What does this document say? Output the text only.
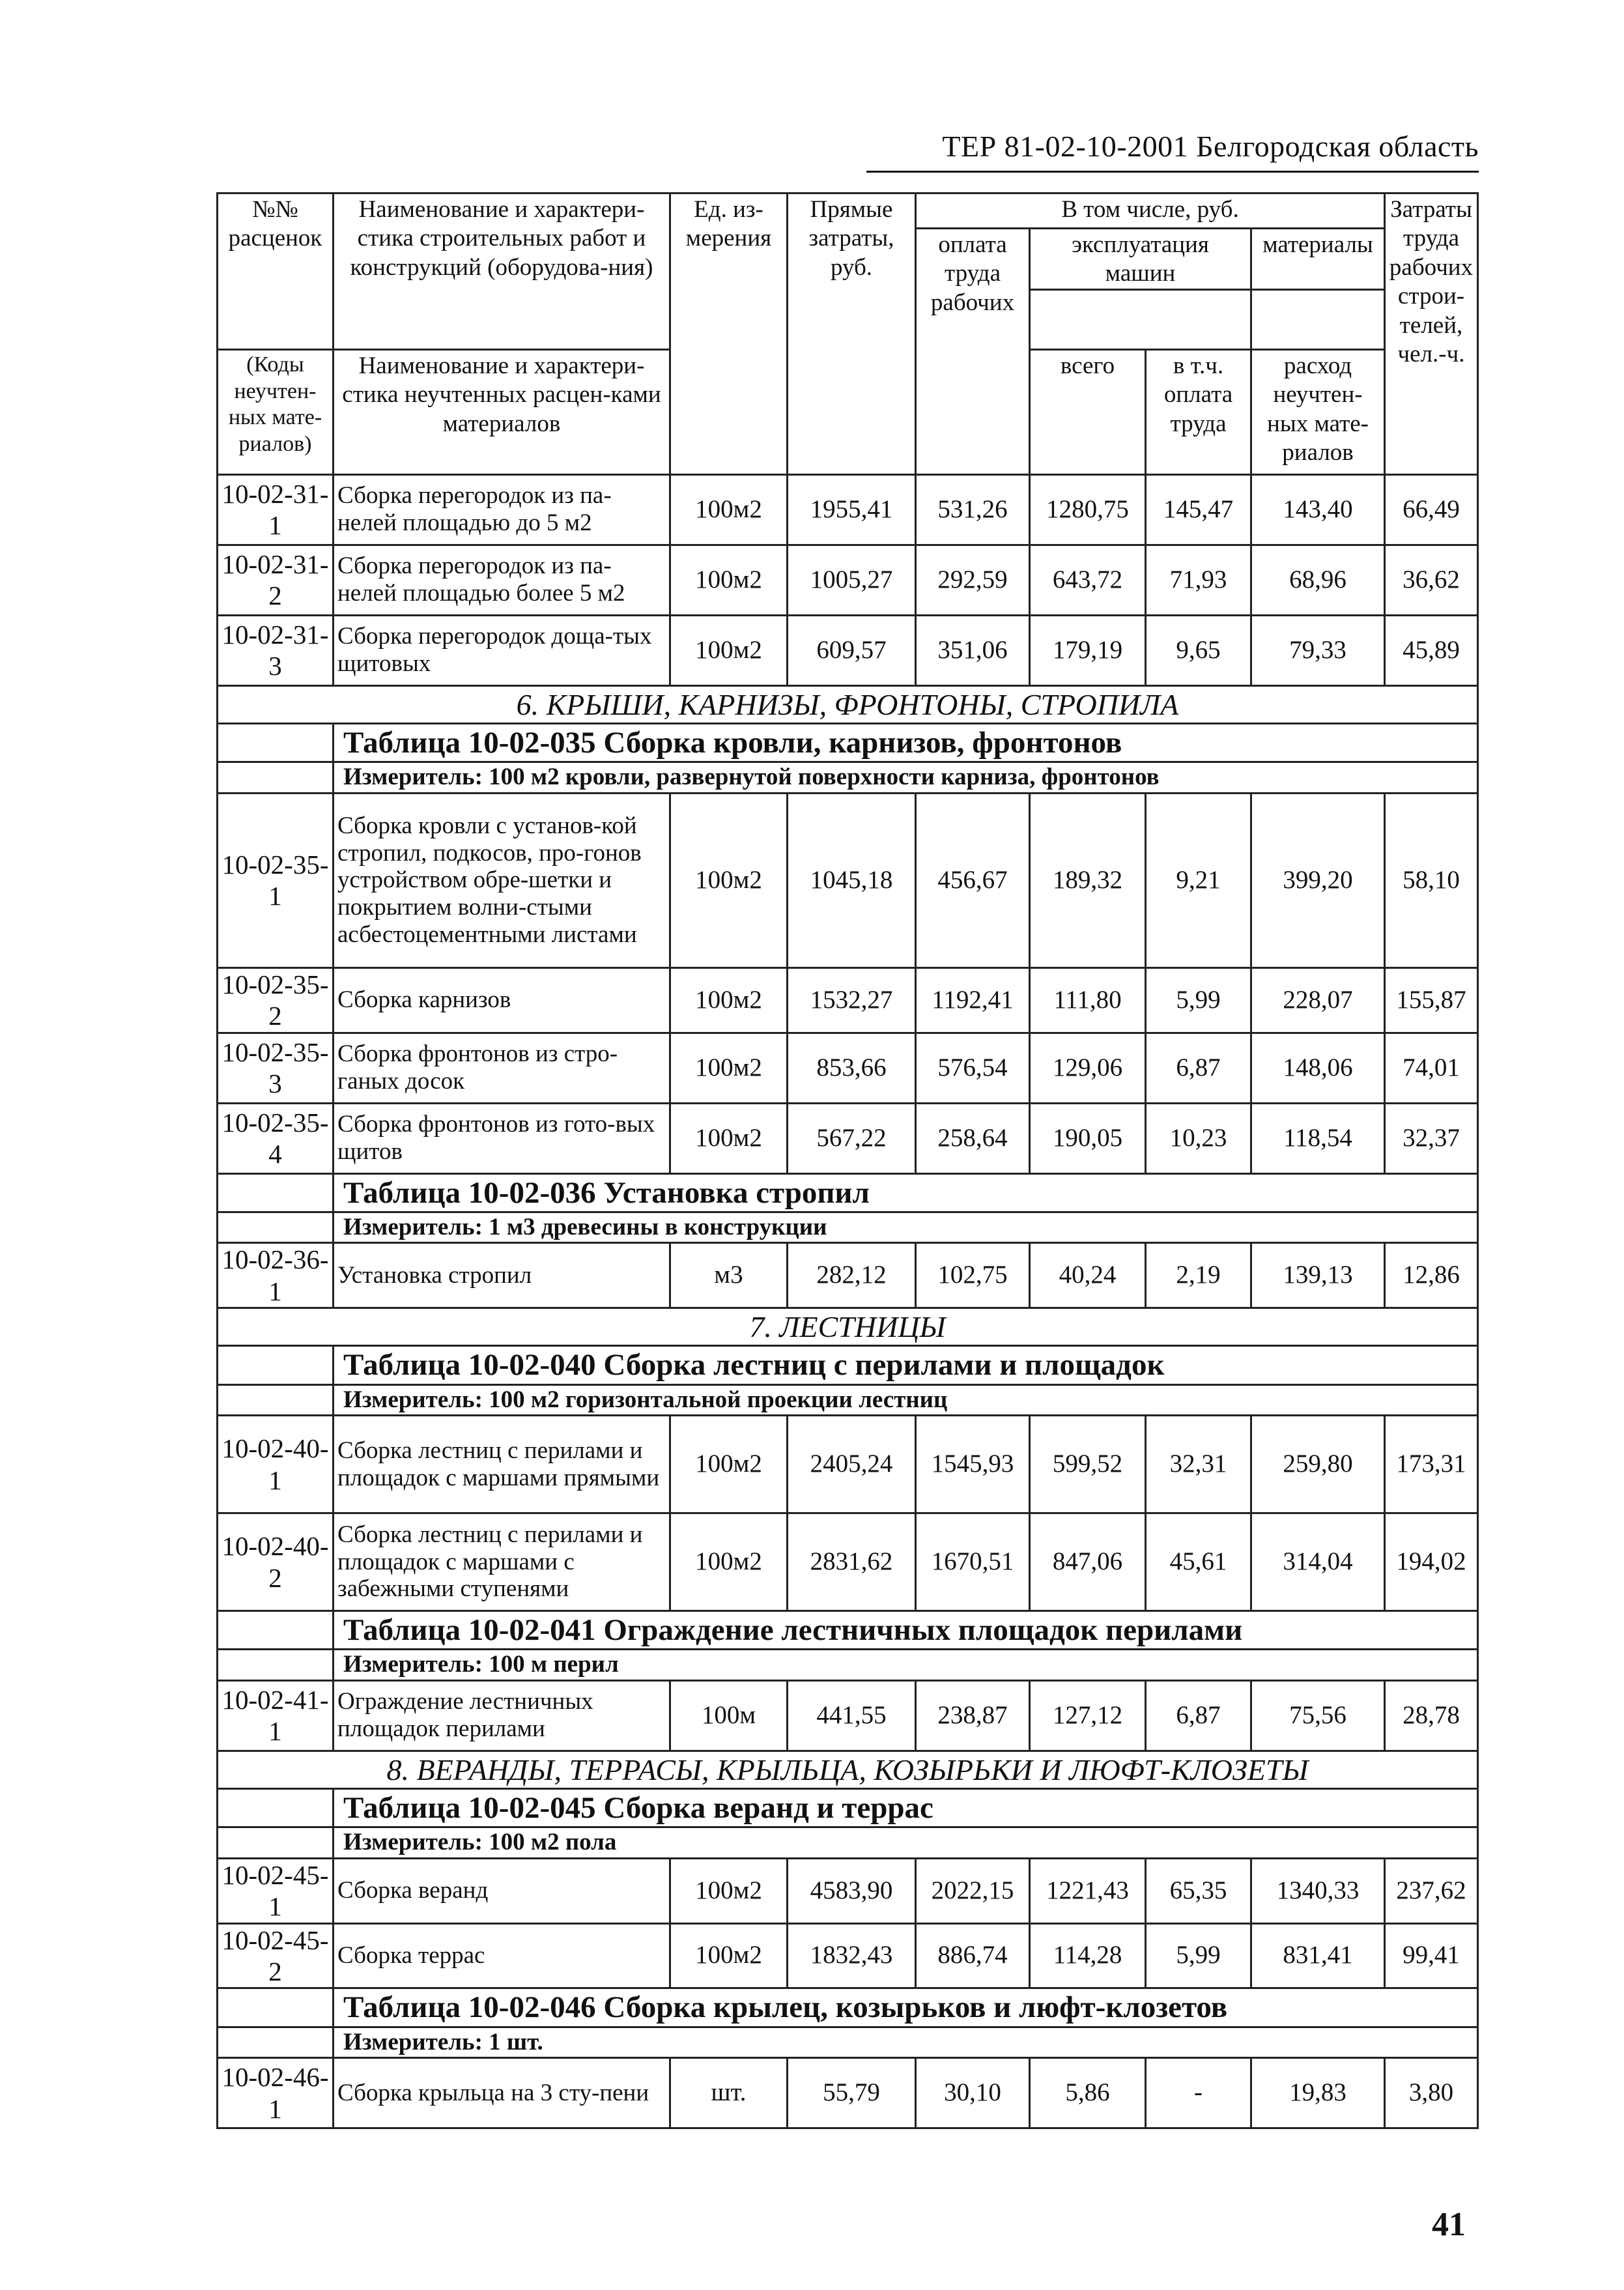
ТЕР 81-02-10-2001 Белгородская область
№№ расценок	Наименование и характери-стика строительных работ и конструкций (оборудова-ния)	Ед. из-мерения	Прямые затраты, руб.	В том числе, руб.				Затраты труда рабочих строи-телей, чел.-ч.
				оплата труда рабочих	эксплуатация машин		материалы	

(Коды неучтен-ных мате-риалов)	Наименование и характери-стика неучтенных расцен-ками материалов				всего	в т.ч. оплата труда	расход неучтен-ных мате-риалов	
10-02-31-1	Сборка перегородок из па-нелей площадью до 5 м2	100м2	1955,41	531,26	1280,75	145,47	143,40	66,49
10-02-31-2	Сборка перегородок из па-нелей площадью более 5 м2	100м2	1005,27	292,59	643,72	71,93	68,96	36,62
10-02-31-3	Сборка перегородок доща-тых щитовых	100м2	609,57	351,06	179,19	9,65	79,33	45,89
6. КРЫШИ, КАРНИЗЫ, ФРОНТОНЫ, СТРОПИЛА								
	Таблица 10-02-035 Сборка кровли, карнизов, фронтонов							
	Измеритель: 100 м2 кровли, развернутой поверхности карниза, фронтонов							
10-02-35-1	Сборка кровли с установ-кой стропил, подкосов, про-гонов устройством обре-шетки и покрытием волни-стыми асбестоцементными листами	100м2	1045,18	456,67	189,32	9,21	399,20	58,10
10-02-35-2	Сборка карнизов	100м2	1532,27	1192,41	111,80	5,99	228,07	155,87
10-02-35-3	Сборка фронтонов из стро-ганых досок	100м2	853,66	576,54	129,06	6,87	148,06	74,01
10-02-35-4	Сборка фронтонов из гото-вых щитов	100м2	567,22	258,64	190,05	10,23	118,54	32,37
	Таблица 10-02-036 Установка стропил							
	Измеритель: 1 м3 древесины в конструкции							
10-02-36-1	Установка стропил	м3	282,12	102,75	40,24	2,19	139,13	12,86
7. ЛЕСТНИЦЫ								
	Таблица 10-02-040 Сборка лестниц с перилами и площадок							
	Измеритель: 100 м2 горизонтальной проекции лестниц							
10-02-40-1	Сборка лестниц с перилами и площадок с маршами прямыми	100м2	2405,24	1545,93	599,52	32,31	259,80	173,31
10-02-40-2	Сборка лестниц с перилами и площадок с маршами с забежными ступенями	100м2	2831,62	1670,51	847,06	45,61	314,04	194,02
	Таблица 10-02-041 Ограждение лестничных площадок перилами							
	Измеритель: 100 м перил							
10-02-41-1	Ограждение лестничных площадок перилами	100м	441,55	238,87	127,12	6,87	75,56	28,78
8. ВЕРАНДЫ, ТЕРРАСЫ, КРЫЛЬЦА, КОЗЫРЬКИ И ЛЮФТ-КЛОЗЕТЫ								
	Таблица 10-02-045 Сборка веранд и террас							
	Измеритель: 100 м2 пола							
10-02-45-1	Сборка веранд	100м2	4583,90	2022,15	1221,43	65,35	1340,33	237,62
10-02-45-2	Сборка террас	100м2	1832,43	886,74	114,28	5,99	831,41	99,41
	Таблица 10-02-046 Сборка крылец, козырьков и люфт-клозетов							
	Измеритель: 1 шт.							
10-02-46-1	Сборка крыльца на 3 сту-пени	шт.	55,79	30,10	5,86	-	19,83	3,80
41
